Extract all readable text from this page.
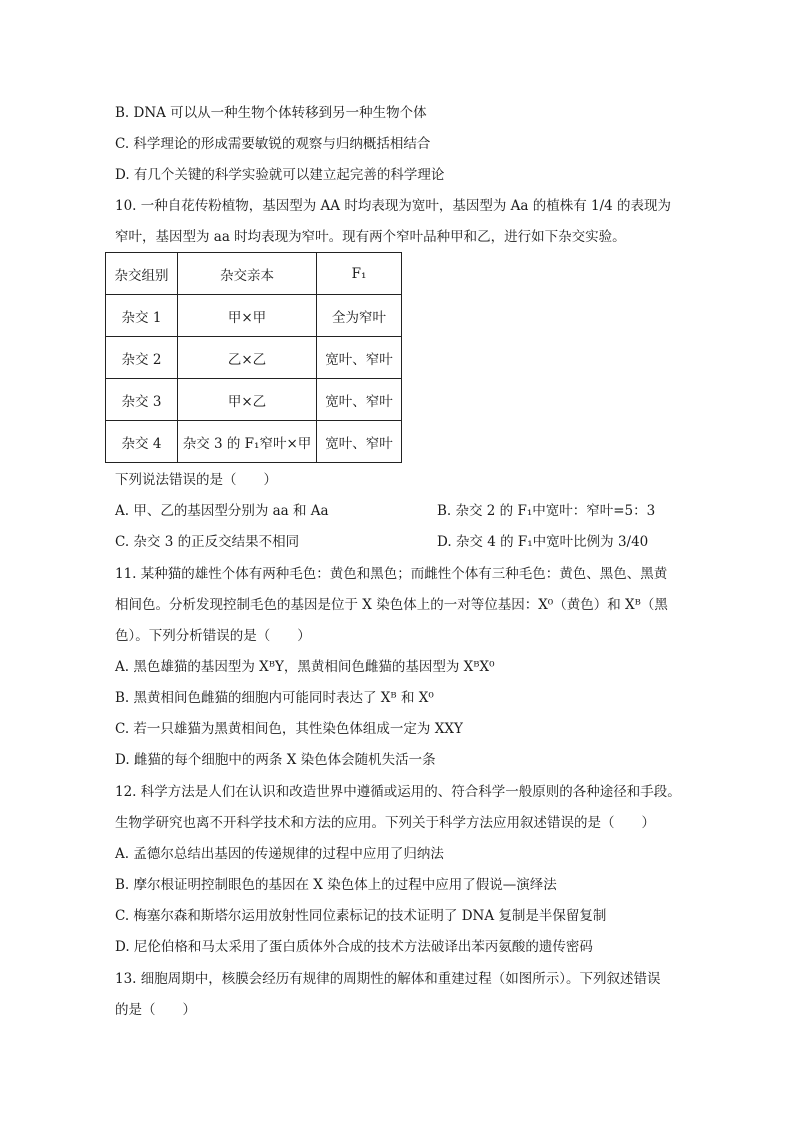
B. DNA 可以从一种生物个体转移到另一种生物个体
C. 科学理论的形成需要敏锐的观察与归纳概括相结合
D. 有几个关键的科学实验就可以建立起完善的科学理论
10. 一种自花传粉植物，基因型为 AA 时均表现为宽叶，基因型为 Aa 的植株有 1/4 的表现为
窄叶，基因型为 aa 时均表现为窄叶。现有两个窄叶品种甲和乙，进行如下杂交实验。
杂交组别	杂交亲本	F₁
杂交 1	甲×甲	全为窄叶
杂交 2	乙×乙	宽叶、窄叶
杂交 3	甲×乙	宽叶、窄叶
杂交 4	杂交 3 的 F₁窄叶×甲	宽叶、窄叶
下列说法错误的是（　　）
A. 甲、乙的基因型分别为 aa 和 Aa	B. 杂交 2 的 F₁中宽叶：窄叶=5：3
C. 杂交 3 的正反交结果不相同	D. 杂交 4 的 F₁中宽叶比例为 3/40
11. 某种猫的雄性个体有两种毛色：黄色和黑色；而雌性个体有三种毛色：黄色、黑色、黑黄
相间色。分析发现控制毛色的基因是位于 X 染色体上的一对等位基因：X⁰（黄色）和 Xᴮ（黑
色）。下列分析错误的是（　　）
A. 黑色雄猫的基因型为 XᴮY，黑黄相间色雌猫的基因型为 XᴮX⁰
B. 黑黄相间色雌猫的细胞内可能同时表达了 Xᴮ 和 X⁰
C. 若一只雄猫为黑黄相间色，其性染色体组成一定为 XXY
D. 雌猫的每个细胞中的两条 X 染色体会随机失活一条
12. 科学方法是人们在认识和改造世界中遵循或运用的、符合科学一般原则的各种途径和手段。
生物学研究也离不开科学技术和方法的应用。下列关于科学方法应用叙述错误的是（　　）
A. 孟德尔总结出基因的传递规律的过程中应用了归纳法
B. 摩尔根证明控制眼色的基因在 X 染色体上的过程中应用了假说—演绎法
C. 梅塞尔森和斯塔尔运用放射性同位素标记的技术证明了 DNA 复制是半保留复制
D. 尼伦伯格和马太采用了蛋白质体外合成的技术方法破译出苯丙氨酸的遗传密码
13. 细胞周期中，核膜会经历有规律的周期性的解体和重建过程（如图所示）。下列叙述错误
的是（　　）
